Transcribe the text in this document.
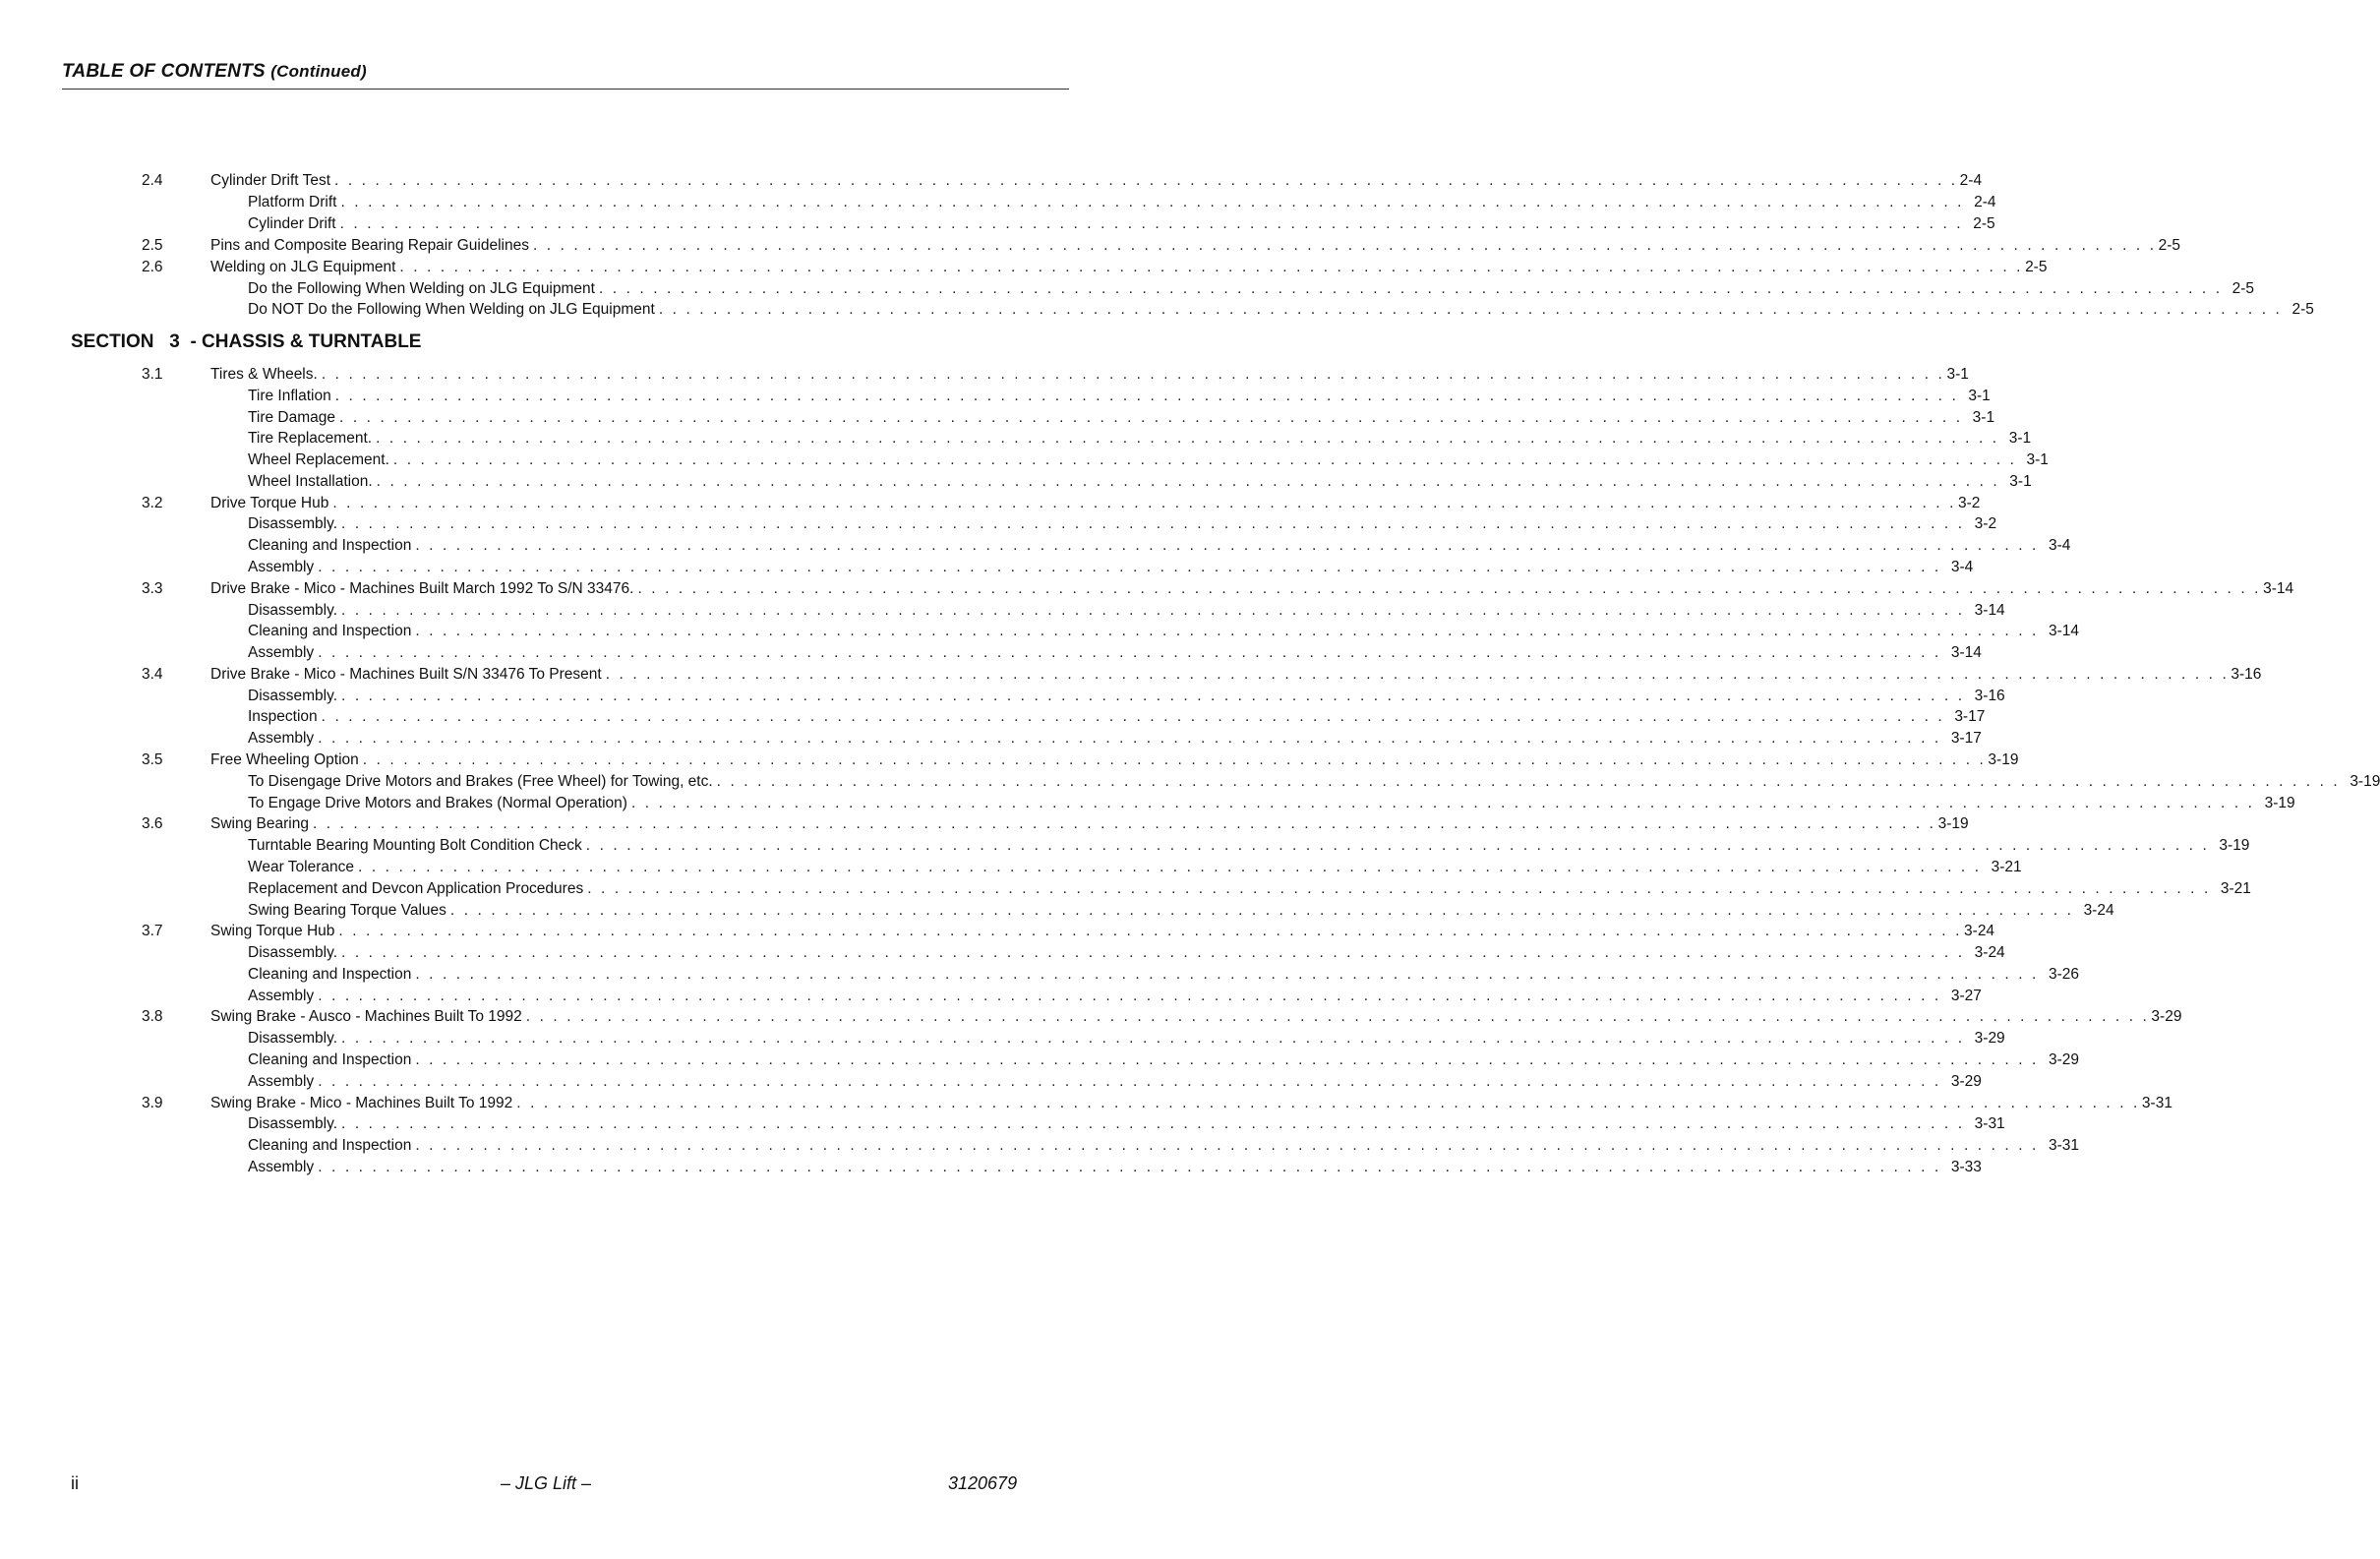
TABLE OF CONTENTS (Continued)
2.4	Cylinder Drift Test . . . . . . . . . . . . . . . . . . . . . . . . . . . . . . . . . . . . . . . . . . . . . . . . . . . . . . . . . . . . . . . . . . . . . . . . . . . . . . . . . . . . . . . . . . . . . . . . . . . . . . . . . . . . . . . . . . . . . . . . 2-4
Platform Drift . . . . . . . . . . . . . . . . . . . . . . . . . . . . . . . . . . . . . . . . . . . . . . . . . . . . . . . . . . . . . . . . . . . . . . . . . . . . . . . . . . . . . . . . . . . . . . . . . . . . . . . . . . . . . . . . . . . . . . . . 2-4
Cylinder Drift . . . . . . . . . . . . . . . . . . . . . . . . . . . . . . . . . . . . . . . . . . . . . . . . . . . . . . . . . . . . . . . . . . . . . . . . . . . . . . . . . . . . . . . . . . . . . . . . . . . . . . . . . . . . . . . . . . . . . . . . 2-5
2.5	Pins and Composite Bearing Repair Guidelines . . . . . . . . . . . . . . . . . . . . . . . . . . . . . . . . . . . . . . . . . . . . . . . . . . . . . . . . . . . . . . . . . . . . . . . . . . . . . . . . . . . . . . . . . . . . . . . . . . . . . . . . . . . . . . . . . . . . . . . . 2-5
2.6	Welding on JLG Equipment . . . . . . . . . . . . . . . . . . . . . . . . . . . . . . . . . . . . . . . . . . . . . . . . . . . . . . . . . . . . . . . . . . . . . . . . . . . . . . . . . . . . . . . . . . . . . . . . . . . . . . . . . . . . . . . . . . . . . . . . 2-5
Do the Following When Welding on JLG Equipment . . . . . . . . . . . . . . . . . . . . . . . . . . . . . . . . . . . . . . . . . . . . . . . . . . . . . . . . . . . . . . . . . . . . . . . . . . . . . . . . . . . . . . . . . . . . . . . . . . . . . . . . . . . . . . . . . . . . . . . . 2-5
Do NOT Do the Following When Welding on JLG Equipment . . . . . . . . . . . . . . . . . . . . . . . . . . . . . . . . . . . . . . . . . . . . . . . . . . . . . . . . . . . . . . . . . . . . . . . . . . . . . . . . . . . . . . . . . . . . . . . . . . . . . . . . . . . . . . . . . . . . . . . . 2-5
3.1	Tires & Wheels. . . . . . . . . . . . . . . . . . . . . . . . . . . . . . . . . . . . . . . . . . . . . . . . . . . . . . . . . . . . . . . . . . . . . . . . . . . . . . . . . . . . . . . . . . . . . . . . . . . . . . . . . . . . . . . . . . . . . . . . . 3-1
Tire Inflation . . . . . . . . . . . . . . . . . . . . . . . . . . . . . . . . . . . . . . . . . . . . . . . . . . . . . . . . . . . . . . . . . . . . . . . . . . . . . . . . . . . . . . . . . . . . . . . . . . . . . . . . . . . . . . . . . . . . . . . . 3-1
Tire Damage . . . . . . . . . . . . . . . . . . . . . . . . . . . . . . . . . . . . . . . . . . . . . . . . . . . . . . . . . . . . . . . . . . . . . . . . . . . . . . . . . . . . . . . . . . . . . . . . . . . . . . . . . . . . . . . . . . . . . . . . 3-1
Tire Replacement. . . . . . . . . . . . . . . . . . . . . . . . . . . . . . . . . . . . . . . . . . . . . . . . . . . . . . . . . . . . . . . . . . . . . . . . . . . . . . . . . . . . . . . . . . . . . . . . . . . . . . . . . . . . . . . . . . . . . . . . . 3-1
Wheel Replacement. . . . . . . . . . . . . . . . . . . . . . . . . . . . . . . . . . . . . . . . . . . . . . . . . . . . . . . . . . . . . . . . . . . . . . . . . . . . . . . . . . . . . . . . . . . . . . . . . . . . . . . . . . . . . . . . . . . . . . . . . 3-1
Wheel Installation. . . . . . . . . . . . . . . . . . . . . . . . . . . . . . . . . . . . . . . . . . . . . . . . . . . . . . . . . . . . . . . . . . . . . . . . . . . . . . . . . . . . . . . . . . . . . . . . . . . . . . . . . . . . . . . . . . . . . . . . . 3-1
3.2	Drive Torque Hub . . . . . . . . . . . . . . . . . . . . . . . . . . . . . . . . . . . . . . . . . . . . . . . . . . . . . . . . . . . . . . . . . . . . . . . . . . . . . . . . . . . . . . . . . . . . . . . . . . . . . . . . . . . . . . . . . . . . . . . . 3-2
Disassembly. . . . . . . . . . . . . . . . . . . . . . . . . . . . . . . . . . . . . . . . . . . . . . . . . . . . . . . . . . . . . . . . . . . . . . . . . . . . . . . . . . . . . . . . . . . . . . . . . . . . . . . . . . . . . . . . . . . . . . . . . 3-2
Cleaning and Inspection . . . . . . . . . . . . . . . . . . . . . . . . . . . . . . . . . . . . . . . . . . . . . . . . . . . . . . . . . . . . . . . . . . . . . . . . . . . . . . . . . . . . . . . . . . . . . . . . . . . . . . . . . . . . . . . . . . . . . . . . 3-4
Assembly . . . . . . . . . . . . . . . . . . . . . . . . . . . . . . . . . . . . . . . . . . . . . . . . . . . . . . . . . . . . . . . . . . . . . . . . . . . . . . . . . . . . . . . . . . . . . . . . . . . . . . . . . . . . . . . . . . . . . . . . 3-4
3.3	Drive Brake - Mico - Machines Built March 1992 To S/N 33476. . . . . . . . . . . . . . . . . . . . . . . . . . . . . . . . . . . . . . . . . . . . . . . . . . . . . . . . . . . . . . . . . . . . . . . . . . . . . . . . . . . . . . . . . . . . . . . . . . . . . . . . . . . . . . . . . . . . . . . . . 3-14
Disassembly. . . . . . . . . . . . . . . . . . . . . . . . . . . . . . . . . . . . . . . . . . . . . . . . . . . . . . . . . . . . . . . . . . . . . . . . . . . . . . . . . . . . . . . . . . . . . . . . . . . . . . . . . . . . . . . . . . . . . . . . . 3-14
Cleaning and Inspection . . . . . . . . . . . . . . . . . . . . . . . . . . . . . . . . . . . . . . . . . . . . . . . . . . . . . . . . . . . . . . . . . . . . . . . . . . . . . . . . . . . . . . . . . . . . . . . . . . . . . . . . . . . . . . . . . . . . . . . . 3-14
Assembly . . . . . . . . . . . . . . . . . . . . . . . . . . . . . . . . . . . . . . . . . . . . . . . . . . . . . . . . . . . . . . . . . . . . . . . . . . . . . . . . . . . . . . . . . . . . . . . . . . . . . . . . . . . . . . . . . . . . . . . . 3-14
3.4	Drive Brake - Mico - Machines Built S/N 33476 To Present . . . . . . . . . . . . . . . . . . . . . . . . . . . . . . . . . . . . . . . . . . . . . . . . . . . . . . . . . . . . . . . . . . . . . . . . . . . . . . . . . . . . . . . . . . . . . . . . . . . . . . . . . . . . . . . . . . . . . . . . 3-16
Disassembly. . . . . . . . . . . . . . . . . . . . . . . . . . . . . . . . . . . . . . . . . . . . . . . . . . . . . . . . . . . . . . . . . . . . . . . . . . . . . . . . . . . . . . . . . . . . . . . . . . . . . . . . . . . . . . . . . . . . . . . . . 3-16
Inspection . . . . . . . . . . . . . . . . . . . . . . . . . . . . . . . . . . . . . . . . . . . . . . . . . . . . . . . . . . . . . . . . . . . . . . . . . . . . . . . . . . . . . . . . . . . . . . . . . . . . . . . . . . . . . . . . . . . . . . . . 3-17
Assembly . . . . . . . . . . . . . . . . . . . . . . . . . . . . . . . . . . . . . . . . . . . . . . . . . . . . . . . . . . . . . . . . . . . . . . . . . . . . . . . . . . . . . . . . . . . . . . . . . . . . . . . . . . . . . . . . . . . . . . . . 3-17
3.5	Free Wheeling Option . . . . . . . . . . . . . . . . . . . . . . . . . . . . . . . . . . . . . . . . . . . . . . . . . . . . . . . . . . . . . . . . . . . . . . . . . . . . . . . . . . . . . . . . . . . . . . . . . . . . . . . . . . . . . . . . . . . . . . . . 3-19
To Disengage Drive Motors and Brakes (Free Wheel) for Towing, etc. . . . . . . . . . . . . . . . . . . . . . . . . . . . . . . . . . . . . . . . . . . . . . . . . . . . . . . . . . . . . . . . . . . . . . . . . . . . . . . . . . . . . . . . . . . . . . . . . . . . . . . . . . . . . . . . . . . . . . . . . 3-19
To Engage Drive Motors and Brakes (Normal Operation) . . . . . . . . . . . . . . . . . . . . . . . . . . . . . . . . . . . . . . . . . . . . . . . . . . . . . . . . . . . . . . . . . . . . . . . . . . . . . . . . . . . . . . . . . . . . . . . . . . . . . . . . . . . . . . . . . . . . . . . . 3-19
3.6	Swing Bearing . . . . . . . . . . . . . . . . . . . . . . . . . . . . . . . . . . . . . . . . . . . . . . . . . . . . . . . . . . . . . . . . . . . . . . . . . . . . . . . . . . . . . . . . . . . . . . . . . . . . . . . . . . . . . . . . . . . . . . . . 3-19
Turntable Bearing Mounting Bolt Condition Check . . . . . . . . . . . . . . . . . . . . . . . . . . . . . . . . . . . . . . . . . . . . . . . . . . . . . . . . . . . . . . . . . . . . . . . . . . . . . . . . . . . . . . . . . . . . . . . . . . . . . . . . . . . . . . . . . . . . . . . . 3-19
Wear Tolerance . . . . . . . . . . . . . . . . . . . . . . . . . . . . . . . . . . . . . . . . . . . . . . . . . . . . . . . . . . . . . . . . . . . . . . . . . . . . . . . . . . . . . . . . . . . . . . . . . . . . . . . . . . . . . . . . . . . . . . . . 3-21
Replacement and Devcon Application Procedures . . . . . . . . . . . . . . . . . . . . . . . . . . . . . . . . . . . . . . . . . . . . . . . . . . . . . . . . . . . . . . . . . . . . . . . . . . . . . . . . . . . . . . . . . . . . . . . . . . . . . . . . . . . . . . . . . . . . . . . . 3-21
Swing Bearing Torque Values . . . . . . . . . . . . . . . . . . . . . . . . . . . . . . . . . . . . . . . . . . . . . . . . . . . . . . . . . . . . . . . . . . . . . . . . . . . . . . . . . . . . . . . . . . . . . . . . . . . . . . . . . . . . . . . . . . . . . . . . 3-24
3.7	Swing Torque Hub . . . . . . . . . . . . . . . . . . . . . . . . . . . . . . . . . . . . . . . . . . . . . . . . . . . . . . . . . . . . . . . . . . . . . . . . . . . . . . . . . . . . . . . . . . . . . . . . . . . . . . . . . . . . . . . . . . . . . . . . 3-24
Disassembly. . . . . . . . . . . . . . . . . . . . . . . . . . . . . . . . . . . . . . . . . . . . . . . . . . . . . . . . . . . . . . . . . . . . . . . . . . . . . . . . . . . . . . . . . . . . . . . . . . . . . . . . . . . . . . . . . . . . . . . . . 3-24
Cleaning and Inspection . . . . . . . . . . . . . . . . . . . . . . . . . . . . . . . . . . . . . . . . . . . . . . . . . . . . . . . . . . . . . . . . . . . . . . . . . . . . . . . . . . . . . . . . . . . . . . . . . . . . . . . . . . . . . . . . . . . . . . . . 3-26
Assembly . . . . . . . . . . . . . . . . . . . . . . . . . . . . . . . . . . . . . . . . . . . . . . . . . . . . . . . . . . . . . . . . . . . . . . . . . . . . . . . . . . . . . . . . . . . . . . . . . . . . . . . . . . . . . . . . . . . . . . . . 3-27
3.8	Swing Brake - Ausco - Machines Built To 1992 . . . . . . . . . . . . . . . . . . . . . . . . . . . . . . . . . . . . . . . . . . . . . . . . . . . . . . . . . . . . . . . . . . . . . . . . . . . . . . . . . . . . . . . . . . . . . . . . . . . . . . . . . . . . . . . . . . . . . . . . 3-29
Disassembly. . . . . . . . . . . . . . . . . . . . . . . . . . . . . . . . . . . . . . . . . . . . . . . . . . . . . . . . . . . . . . . . . . . . . . . . . . . . . . . . . . . . . . . . . . . . . . . . . . . . . . . . . . . . . . . . . . . . . . . . . 3-29
Cleaning and Inspection . . . . . . . . . . . . . . . . . . . . . . . . . . . . . . . . . . . . . . . . . . . . . . . . . . . . . . . . . . . . . . . . . . . . . . . . . . . . . . . . . . . . . . . . . . . . . . . . . . . . . . . . . . . . . . . . . . . . . . . . 3-29
Assembly . . . . . . . . . . . . . . . . . . . . . . . . . . . . . . . . . . . . . . . . . . . . . . . . . . . . . . . . . . . . . . . . . . . . . . . . . . . . . . . . . . . . . . . . . . . . . . . . . . . . . . . . . . . . . . . . . . . . . . . . 3-29
3.9	Swing Brake - Mico - Machines Built To 1992 . . . . . . . . . . . . . . . . . . . . . . . . . . . . . . . . . . . . . . . . . . . . . . . . . . . . . . . . . . . . . . . . . . . . . . . . . . . . . . . . . . . . . . . . . . . . . . . . . . . . . . . . . . . . . . . . . . . . . . . . 3-31
Disassembly. . . . . . . . . . . . . . . . . . . . . . . . . . . . . . . . . . . . . . . . . . . . . . . . . . . . . . . . . . . . . . . . . . . . . . . . . . . . . . . . . . . . . . . . . . . . . . . . . . . . . . . . . . . . . . . . . . . . . . . . . 3-31
Cleaning and Inspection . . . . . . . . . . . . . . . . . . . . . . . . . . . . . . . . . . . . . . . . . . . . . . . . . . . . . . . . . . . . . . . . . . . . . . . . . . . . . . . . . . . . . . . . . . . . . . . . . . . . . . . . . . . . . . . . . . . . . . . . 3-31
Assembly . . . . . . . . . . . . . . . . . . . . . . . . . . . . . . . . . . . . . . . . . . . . . . . . . . . . . . . . . . . . . . . . . . . . . . . . . . . . . . . . . . . . . . . . . . . . . . . . . . . . . . . . . . . . . . . . . . . . . . . . 3-33
SECTION 3 - CHASSIS & TURNTABLE
ii	– JLG Lift –	3120679
